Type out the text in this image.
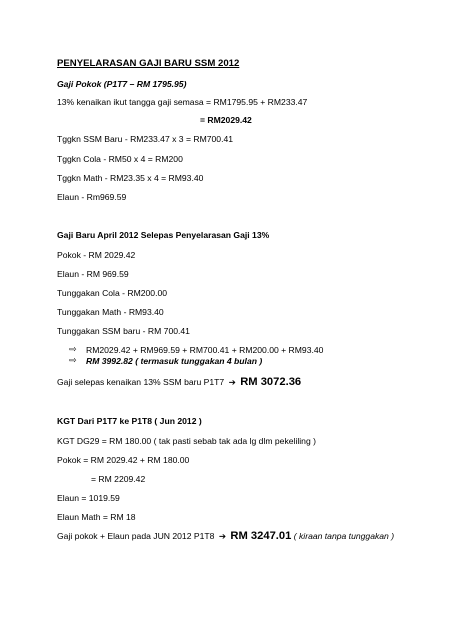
PENYELARASAN GAJI BARU SSM 2012
Gaji Pokok (P1T7 – RM 1795.95)
13% kenaikan ikut tangga gaji semasa = RM1795.95 + RM233.47
= RM2029.42
Tggkn SSM Baru - RM233.47 x 3 = RM700.41
Tggkn Cola - RM50 x 4 = RM200
Tggkn Math - RM23.35 x 4 = RM93.40
Elaun - Rm969.59
Gaji Baru April 2012 Selepas Penyelarasan Gaji 13%
Pokok - RM 2029.42
Elaun - RM 969.59
Tunggakan Cola - RM200.00
Tunggakan Math - RM93.40
Tunggakan SSM baru - RM 700.41
⇨ RM2029.42 + RM969.59 + RM700.41 + RM200.00 + RM93.40
⇨ RM 3992.82 ( termasuk tunggakan 4 bulan )
Gaji selepas kenaikan 13% SSM baru P1T7 ➔ RM 3072.36
KGT Dari P1T7 ke P1T8 ( Jun 2012 )
KGT DG29 = RM 180.00 ( tak pasti sebab tak ada lg dlm pekeliling )
Pokok = RM 2029.42 + RM 180.00
= RM 2209.42
Elaun = 1019.59
Elaun Math = RM 18
Gaji pokok + Elaun pada JUN 2012 P1T8 ➔ RM 3247.01 ( kiraan tanpa tunggakan )
